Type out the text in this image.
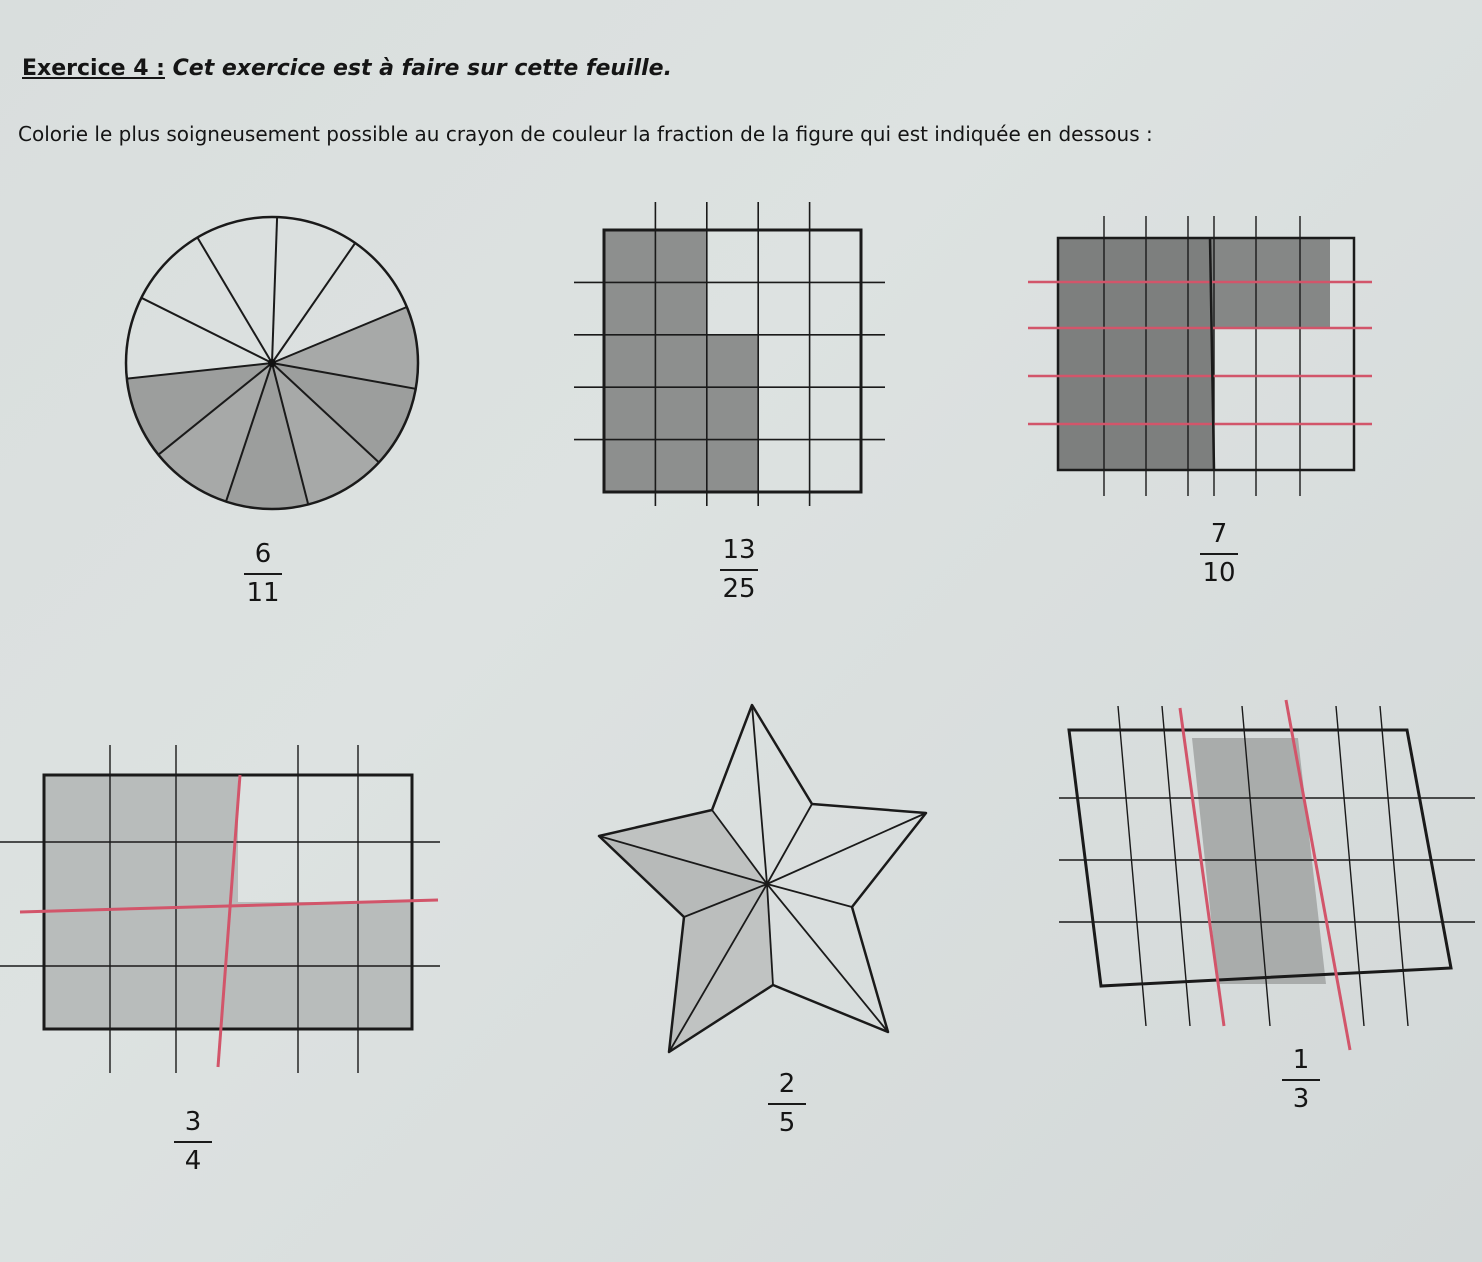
Exercice 4 : Cet exercice est à faire sur cette feuille.
Colorie le plus soigneusement possible au crayon de couleur la fraction de la figure qui est indiquée en dessous :
6
11
13
25
7
10
3
4
2
5
1
3
